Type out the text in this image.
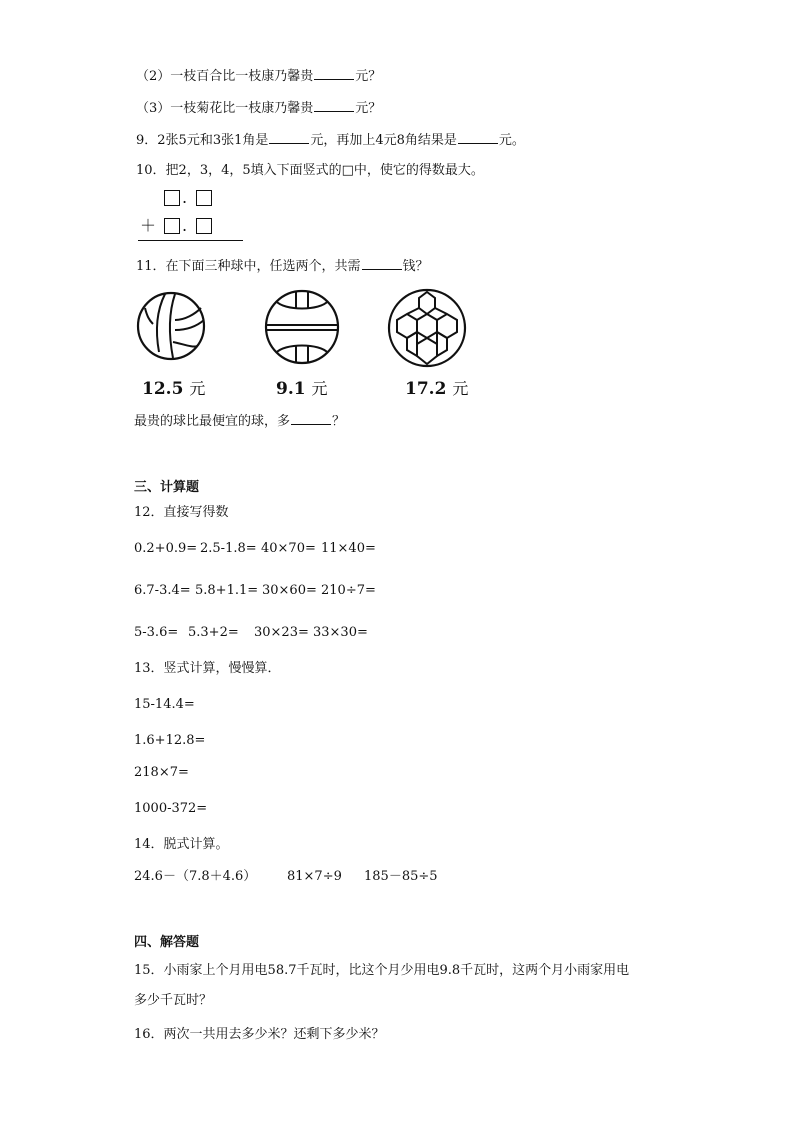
（2）一枝百合比一枝康乃馨贵	元？
（3）一枝菊花比一枝康乃馨贵	元？
9．2张5元和3张1角是	元，再加上4元8角结果是	元。
10．把2，3，4，5填入下面竖式的□中，使它的得数最大。
.
＋ .
11．在下面三种球中，任选两个，共需	钱？
12.5 元	9.1 元	17.2 元
最贵的球比最便宜的球，多	？
三、计算题
12．直接写得数
0.2+0.9= 2.5-1.8= 40×70= 11×40=
6.7-3.4= 5.8+1.1= 30×60= 210÷7=
5-3.6= 5.3+2= 30×23= 33×30=
13．竖式计算，慢慢算．
15-14.4=
1.6+12.8=
218×7=
1000-372=
14．脱式计算。
24.6－（7.8＋4.6） 81×7÷9 185－85÷5
四、解答题
15．小雨家上个月用电58.7千瓦时，比这个月少用电9.8千瓦时，这两个月小雨家用电
多少千瓦时？
16．两次一共用去多少米？还剩下多少米？
